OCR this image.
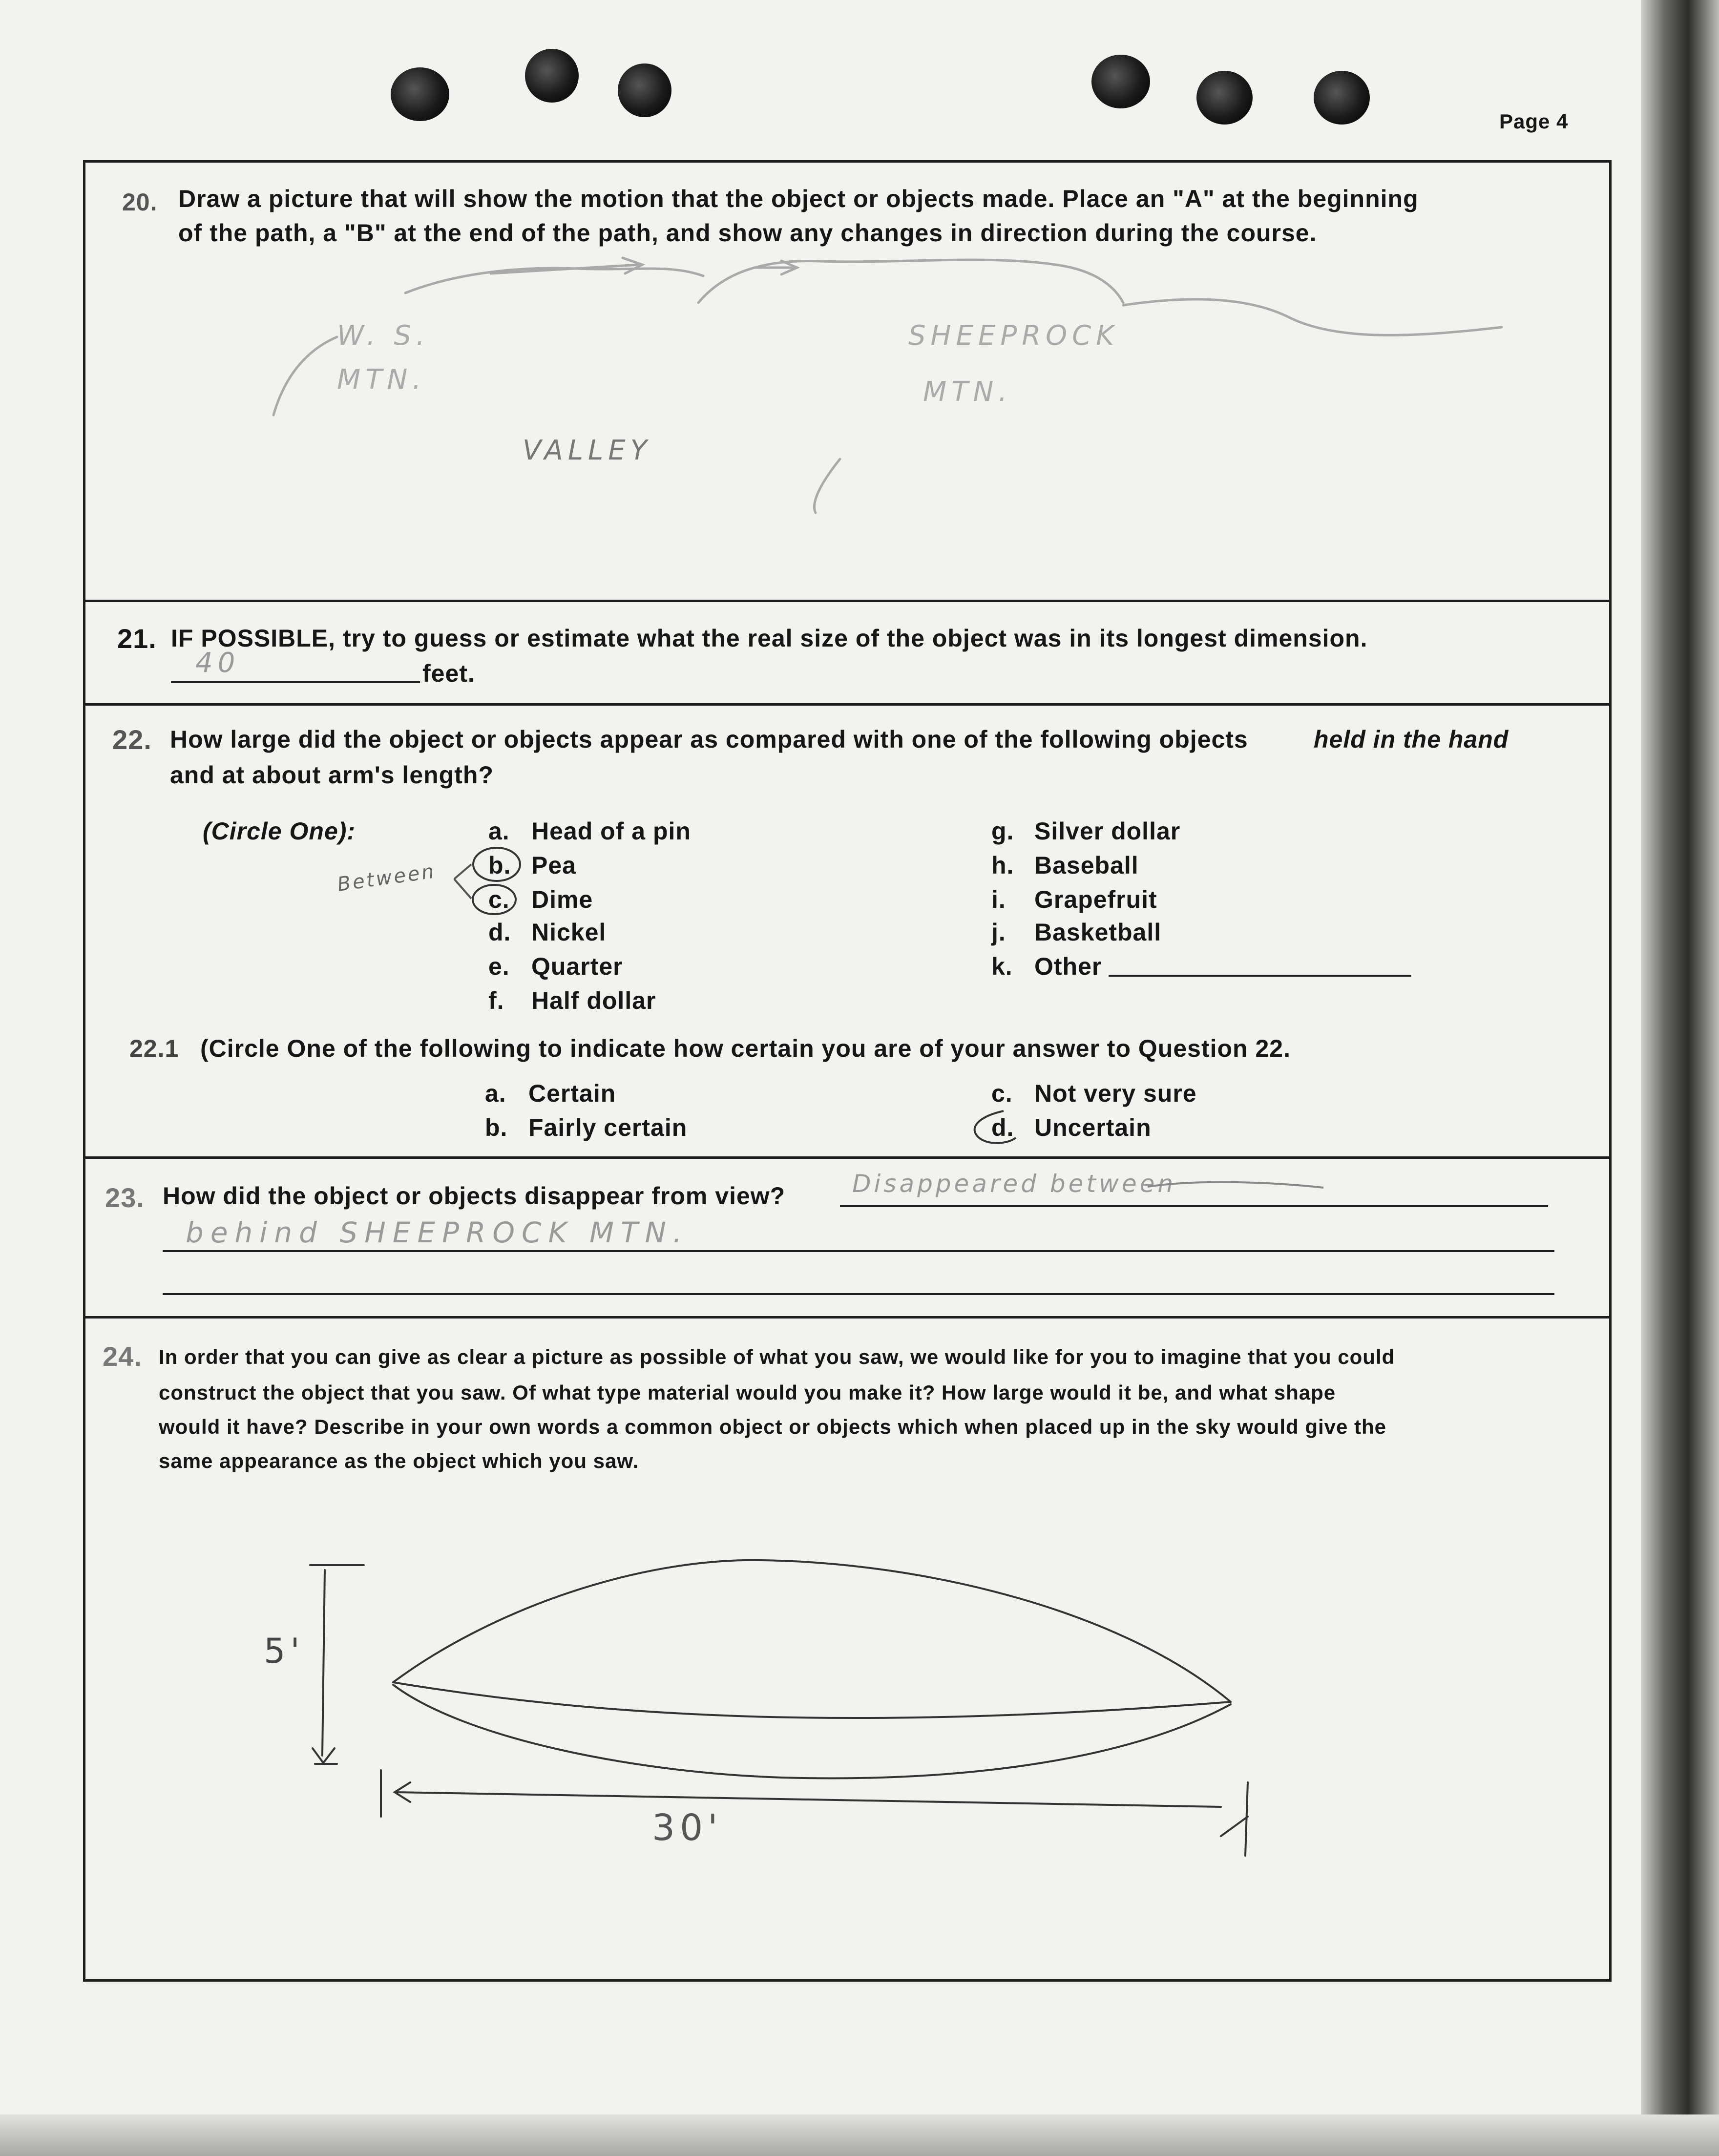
Page 4
20. Draw a picture that will show the motion that the object or objects made. Place an "A" at the beginning
of the path, a "B" at the end of the path, and show any changes in direction during the course.
W. S.
MTN.
SHEEPROCK
MTN.
VALLEY
21. IF POSSIBLE, try to guess or estimate what the real size of the object was in its longest dimension.
40	feet.
22. How large did the object or objects appear as compared with one of the following objects	held in the hand
and at about arm's length?
(Circle One):
Between
a. Head of a pin
b. Pea
c. Dime
d. Nickel
e. Quarter
f. Half dollar
g. Silver dollar
h. Baseball
i. Grapefruit
j. Basketball
k. Other
22.1 (Circle One of the following to indicate how certain you are of your answer to Question 22.
a. Certain
b. Fairly certain
c. Not very sure
d. Uncertain
23. How did the object or objects disappear from view?	Disappeared between
behind SHEEPROCK MTN.
24. In order that you can give as clear a picture as possible of what you saw, we would like for you to imagine that you could
construct the object that you saw. Of what type material would you make it? How large would it be, and what shape
would it have? Describe in your own words a common object or objects which when placed up in the sky would give the
same appearance as the object which you saw.
5'
30'
